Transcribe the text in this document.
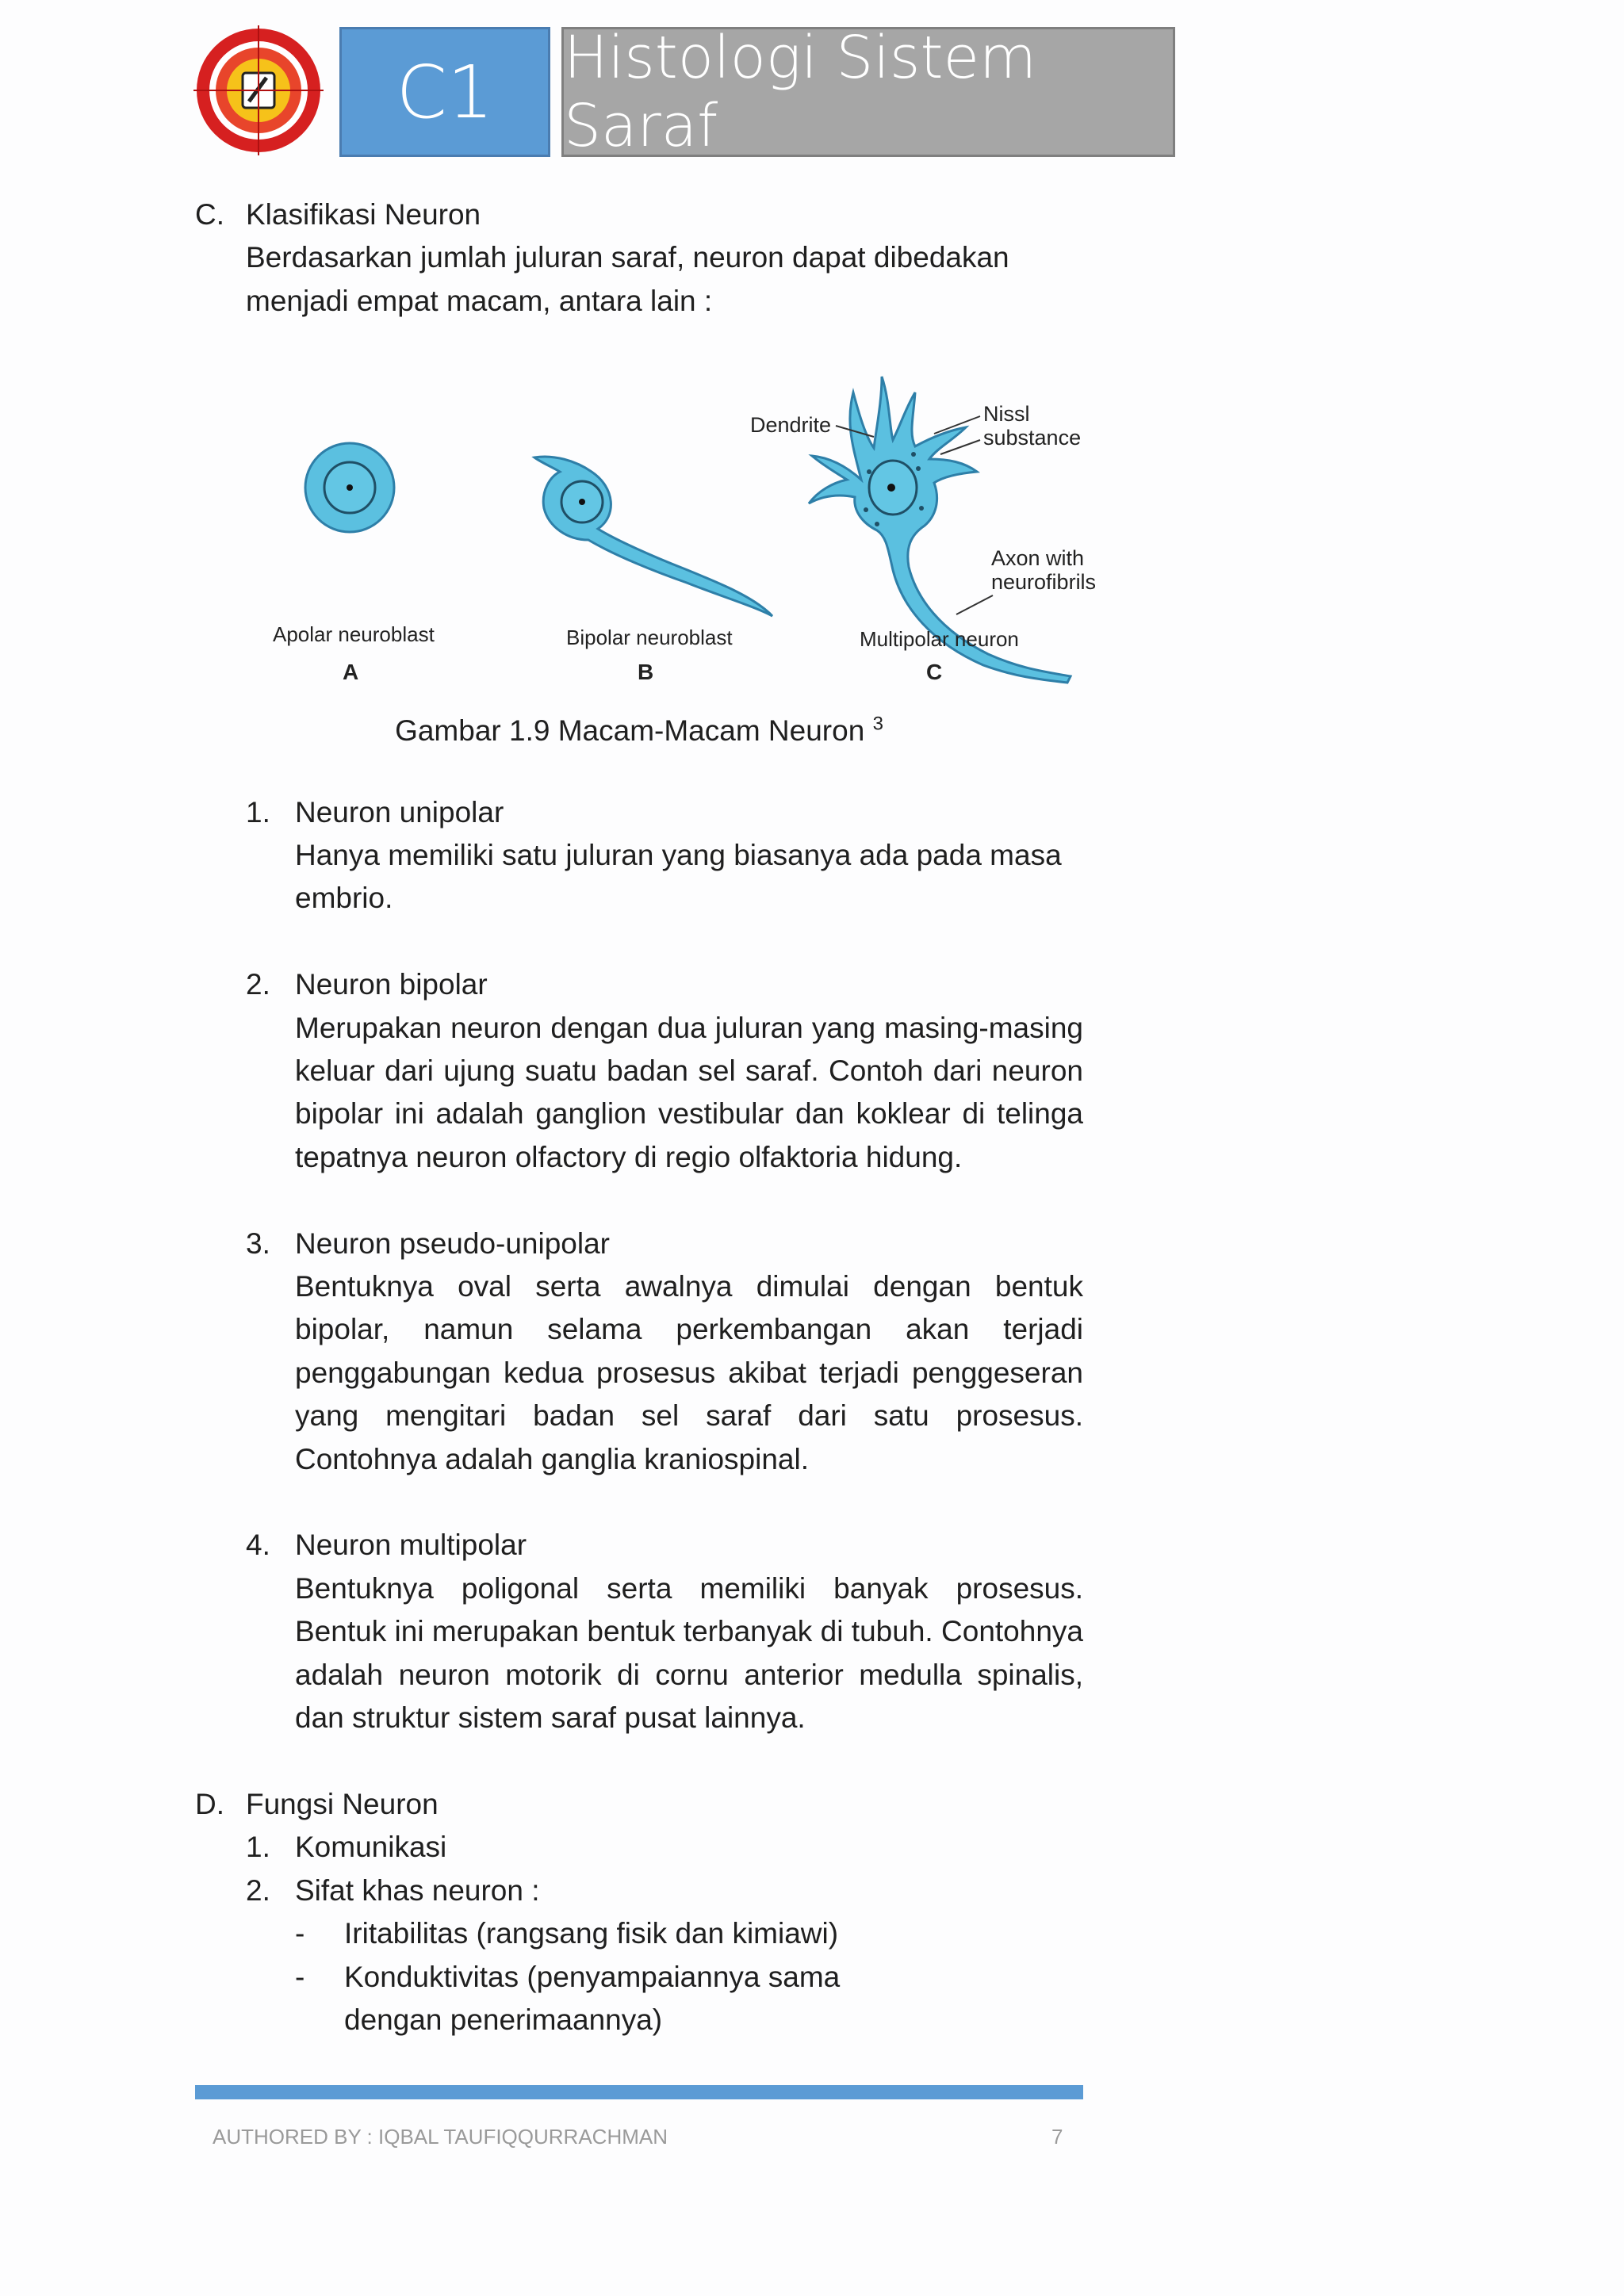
C1	Histologi Sistem Saraf
C. Klasifikasi Neuron
Berdasarkan jumlah juluran saraf, neuron dapat dibedakan menjadi empat macam, antara lain :
Dendrite	Nissl
substance
Axon with
neurofibrils
Apolar neuroblast	Bipolar neuroblast	Multipolar neuron
A	B	C
Gambar 1.9 Macam-Macam Neuron $^3$
1. Neuron unipolar
Hanya memiliki satu juluran yang biasanya ada pada masa embrio.
2. Neuron bipolar
Merupakan neuron dengan dua juluran yang masing-masing keluar dari ujung suatu badan sel saraf. Contoh dari neuron bipolar ini adalah ganglion vestibular dan koklear di telinga tepatnya neuron olfactory di regio olfaktoria hidung.
3. Neuron pseudo-unipolar
Bentuknya oval serta awalnya dimulai dengan bentuk bipolar, namun selama perkembangan akan terjadi penggabungan kedua prosesus akibat terjadi penggeseran yang mengitari badan sel saraf dari satu prosesus. Contohnya adalah ganglia kraniospinal.
4. Neuron multipolar
Bentuknya poligonal serta memiliki banyak prosesus. Bentuk ini merupakan bentuk terbanyak di tubuh. Contohnya adalah neuron motorik di cornu anterior medulla spinalis, dan struktur sistem saraf pusat lainnya.
D. Fungsi Neuron
1. Komunikasi
2. Sifat khas neuron :
-	Iritabilitas (rangsang fisik dan kimiawi)
-	Konduktivitas (penyampaiannya sama dengan penerimaannya)
AUTHORED BY : IQBAL TAUFIQQURRACHMAN	7
